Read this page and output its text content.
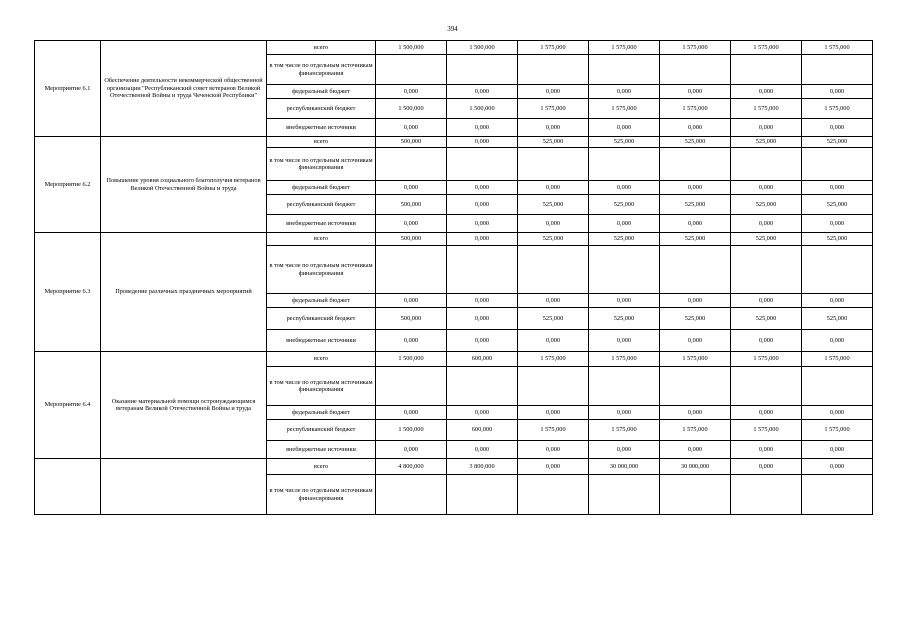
394
Мероприятие 6.1	Обеспечение деятельности некоммерческой общественной организации "Республиканский совет ветеранов Великой Отечественной Войны и труда Чеченской Республики"	всего	1 500,000	1 500,000	1 575,000	1 575,000	1 575,000	1 575,000	1 575,000
		в том числе по отдельным источникам финансирования							
		федеральный бюджет	0,000	0,000	0,000	0,000	0,000	0,000	0,000
		республиканский бюджет	1 500,000	1 500,000	1 575,000	1 575,000	1 575,000	1 575,000	1 575,000
		внебюджетные источники	0,000	0,000	0,000	0,000	0,000	0,000	0,000
Мероприятие 6.2	Повышение уровня социального благополучия ветеранов Великой Отечественной Войны и труда	всего	500,000	0,000	525,000	525,000	525,000	525,000	525,000
		в том числе по отдельным источникам финансирования							
		федеральный бюджет	0,000	0,000	0,000	0,000	0,000	0,000	0,000
		республиканский бюджет	500,000	0,000	525,000	525,000	525,000	525,000	525,000
		внебюджетные источники	0,000	0,000	0,000	0,000	0,000	0,000	0,000
Мероприятие 6.3	Проведение различных праздничных мероприятий	всего	500,000	0,000	525,000	525,000	525,000	525,000	525,000
		в том числе по отдельным источникам финансирования							
		федеральный бюджет	0,000	0,000	0,000	0,000	0,000	0,000	0,000
		республиканский бюджет	500,000	0,000	525,000	525,000	525,000	525,000	525,000
		внебюджетные источники	0,000	0,000	0,000	0,000	0,000	0,000	0,000
Мероприятие 6.4	Оказание материальной помощи остронуждающимся ветеранам Великой Отечественной Войны и труда	всего	1 500,000	600,000	1 575,000	1 575,000	1 575,000	1 575,000	1 575,000
		в том числе по отдельным источникам финансирования							
		федеральный бюджет	0,000	0,000	0,000	0,000	0,000	0,000	0,000
		республиканский бюджет	1 500,000	600,000	1 575,000	1 575,000	1 575,000	1 575,000	1 575,000
		внебюджетные источники	0,000	0,000	0,000	0,000	0,000	0,000	0,000
		всего	4 800,000	3 800,000	0,000	30 000,000	30 000,000	0,000	0,000
		в том числе по отдельным источникам финансирования							
